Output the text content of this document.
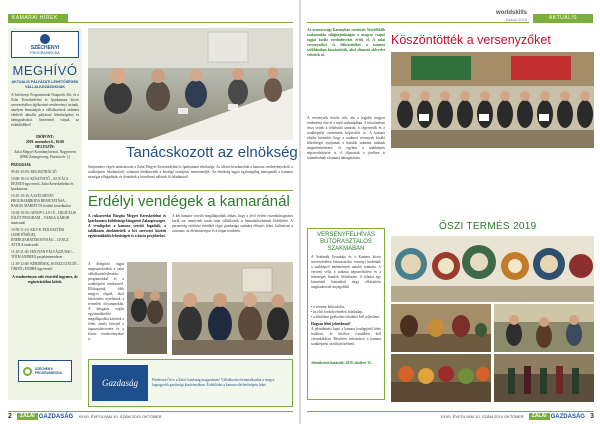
KAMARAI HÍREK
SZÉCHENYI
PROGRAMIRODA
MEGHÍVÓ
AKTUÁLIS PÁLYÁZATI LEHETŐSÉGEK VÁLLALKOZÁSOKNAK
A Széchenyi Programiroda Nonprofit Kft. és a Zalai Kereskedelmi és Iparkamara közös szervezésében tájékoztató rendezvényt tartunk, amelyen bemutatjuk a vállalkozások számára elérhető aktuális pályázati lehetőségeket és támogatásokat. Szeretettel várjuk az érdeklődőket!
IDŐPONT:
2019. november 6., 10:00
HELYSZÍN:
Zalai Megyei Kormányhivatal, Nagyterem (8900 Zalaegerszeg, Piarista tér 1.)
PROGRAM:
09:45-10:00: REGISZTRÁCIÓ
10:00-10:10: KÖSZÖNTŐ – KOVÁCS ÉKESDI ügyvezető, Zalai Kereskedelmi és Iparkamara
10:10-10:30: A SZÉCHENYI PROGRAMIRODA BEMUTATÁSA – BAKOS MARIETTA területi koordinátor
10:30-10:50: GINOP-1.2.8-19 – DIGITÁLIS JÓLÉT PROGRAM – VARGA GÁBOR tanácsadó
10:50-11:10: KKV-K FEJLESZTÉSI LEHETŐSÉGEI, ENERGIAHATÉKONYSÁG – LENCZ ATTILA tanácsadó
11:10-11:30: HOGYAN PÁLYÁZZUNK? – TÓTH ANDREA projektmenedzser
11:30-12:00: KÉRDÉSEK, KONZULTÁCIÓ – ÖRDÖG ENDRE ügyvezető
A rendezvényen való részvétel ingyenes, de regisztrációhoz kötött.
SZÉCHENYI PROGRAMIRODA
Tanácskozott az elnökség
Szeptember végén tanácskozott a Zalai Megyei Kereskedelmi és Iparkamara elnöksége. Az ülésen beszámoltak a kamarai rendezvényekről, a szakképzési feladatokról, valamint áttekintették a közelgő tisztújítás menetrendjét. Az elnökség tagjai egyhangúlag támogatták a kamarai stratégia elfogadását, és döntöttek a következő időszak fő feladatairól.
Erdélyi vendégek a kamaránál
A csíkszeredai Hargita Megyei Kereskedelmi és Iparkamara küldöttsége látogatott Zalaegerszegre. A vendégeket a kamara vezetői fogadták, a találkozón áttekintették a két szervezet közötti együttműködés lehetőségeit és a közös projekteket.
A delegáció tagjai megismerkedtek a zalai vállalkozásfejlesztési programokkal és a szakképzési rendszerrel. Ellátogattak több megyei cégnél, ahol betekintést nyerhettek a termelési folyamatokba. A látogatás végén együttműködési megállapodást kötöttek a felek, amely kiterjed a tapasztalatcserére és a közös rendezvényekre is.
A két kamara vezetői megállapodtak abban, hogy a jövő évben viszontlátogatásra kerül sor, amelynek során zalai vállalkozók is bemutatkozhatnak Erdélyben. A partnerség erősítése mindkét régió gazdasága számára előnyös lehet, különösen a turizmus, az élelmiszeripar és a faipar területén.
Gazdaság	Hirdessen Ön is a Zalai Gazdaság magazinban! Vállalkozása bemutatkozhat a megye legnagyobb gazdasági kiadványában. Érdeklődni a kamara elérhetőségein lehet.
2 ZALAI GAZDASÁG XXVII. ÉVFOLYAM 10. SZÁM 2019 OKTÓBER
worldskills
Kazan 2019	AKTUÁLIS
Az oroszországi Kazanyban rendezett WorldSkills szakmunkás világbajnokságon a magyar csapat tagjai kiváló eredményeket értek el. A zalai versenyzőket és felkészítőiket a kamara székházában köszöntötték, ahol elismerő oklevelet vehettek át.
A versenyzők között volt, aki a legjobb magyar eredményt érte el a saját szakmájában. A köszöntésen részt vettek a felkészítő tanárok, a cégvezetők és a szakképzési centrumok képviselői is. A kamara elnöke kiemelte, hogy a szakmai versenyek kiváló lehetőséget nyújtanak a fiatalok számára tudásuk megmérettetésére, és egyben a szakképzés népszerűsítésére is. A díjazottak a jövőben is számíthatnak a kamara támogatására.
Köszöntötték a versenyzőket
VERSENYFELHÍVÁS BÚTORASZTALOS SZAKMÁBAN
A Szakmák Éjszakája és a Kamara közös szervezésében bútorasztalos versenyt hirdetünk a szakképző intézmények tanulói számára. A verseny célja a szakma népszerűsítése és a tehetséges fiatalok felfedezése. A feladat egy kisméretű használati tárgy elkészítése meghatározott anyagokból.
• a verseny kétfordulós,
• az első forduló elméleti feladatlap,
• a döntőben gyakorlati feladatot kell teljesíteni.
Hogyan lehet jelentkezni?
A jelentkezési lapot a kamara honlapjáról lehet letölteni, és kitöltve e-mailben kell visszaküldeni. Részletes információ a kamara szakképzési osztályán kérhető.
Jelentkezési határidő: 2019. október 31.
ŐSZI TERMÉS 2019
XXVII. ÉVFOLYAM 10. SZÁM 2019 OKTÓBER ZALAI GAZDASÁG 3
